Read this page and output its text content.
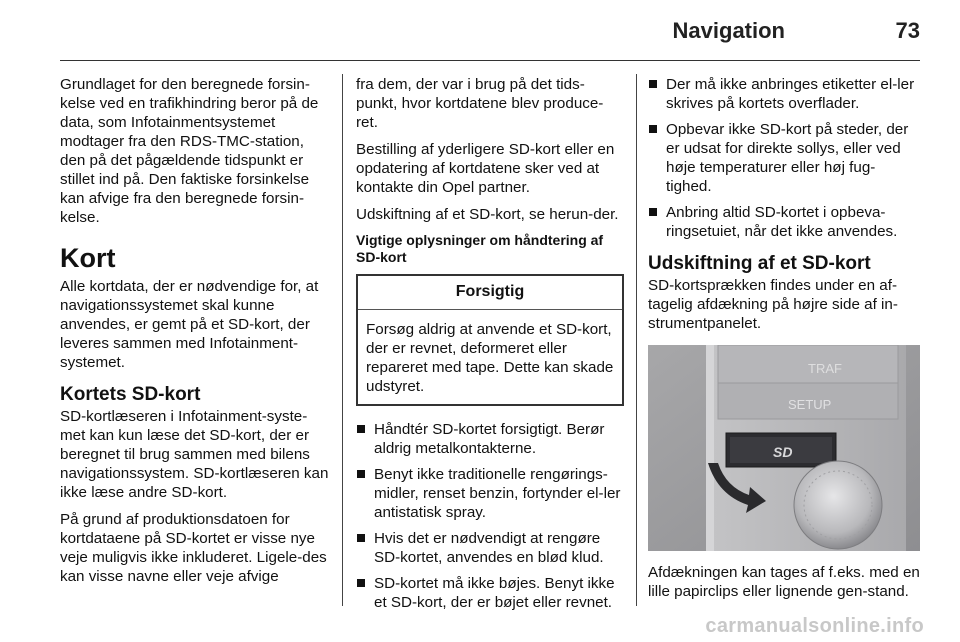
Navigation	73

Grundlaget for den beregnede forsin-kelse ved en trafikhindring beror på de data, som Infotainmentsystemet modtager fra den RDS-TMC-station, den på det pågældende tidspunkt er stillet ind på. Den faktiske forsinkelse kan afvige fra den beregnede forsin-kelse.

Kort

Alle kortdata, der er nødvendige for, at navigationssystemet skal kunne anvendes, er gemt på et SD-kort, der leveres sammen med Infotainment-systemet.

Kortets SD-kort

SD-kortlæseren i Infotainment-syste-met kan kun læse det SD-kort, der er beregnet til brug sammen med bilens navigationssystem. SD-kortlæseren kan ikke læse andre SD-kort.

På grund af produktionsdatoen for kortdataene på SD-kortet er visse nye veje muligvis ikke inkluderet. Ligele-des kan visse navne eller veje afvige

fra dem, der var i brug på det tids-punkt, hvor kortdatene blev produce-ret.

Bestilling af yderligere SD-kort eller en opdatering af kortdatene sker ved at kontakte din Opel partner.

Udskiftning af et SD-kort, se herun-der.

Vigtige oplysninger om håndtering af SD-kort
Forsigtig
Forsøg aldrig at anvende et SD-kort, der er revnet, deformeret eller repareret med tape. Dette kan skade udstyret.
Håndtér SD-kortet forsigtigt. Berør aldrig metalkontakterne.
Benyt ikke traditionelle rengørings-midler, renset benzin, fortynder el-ler antistatisk spray.
Hvis det er nødvendigt at rengøre SD-kortet, anvendes en blød klud.
SD-kortet må ikke bøjes. Benyt ikke et SD-kort, der er bøjet eller revnet.
Der må ikke anbringes etiketter el-ler skrives på kortets overflader.
Opbevar ikke SD-kort på steder, der er udsat for direkte sollys, eller ved høje temperaturer eller høj fug-tighed.
Anbring altid SD-kortet i opbeva-ringsetuiet, når det ikke anvendes.
Udskiftning af et SD-kort

SD-kortsprækken findes under en af-tagelig afdækning på højre side af in-strumentpanelet.

TRAF
SETUP
SD

Afdækningen kan tages af f.eks. med en lille papirclips eller lignende gen-stand.

carmanualsonline.info
